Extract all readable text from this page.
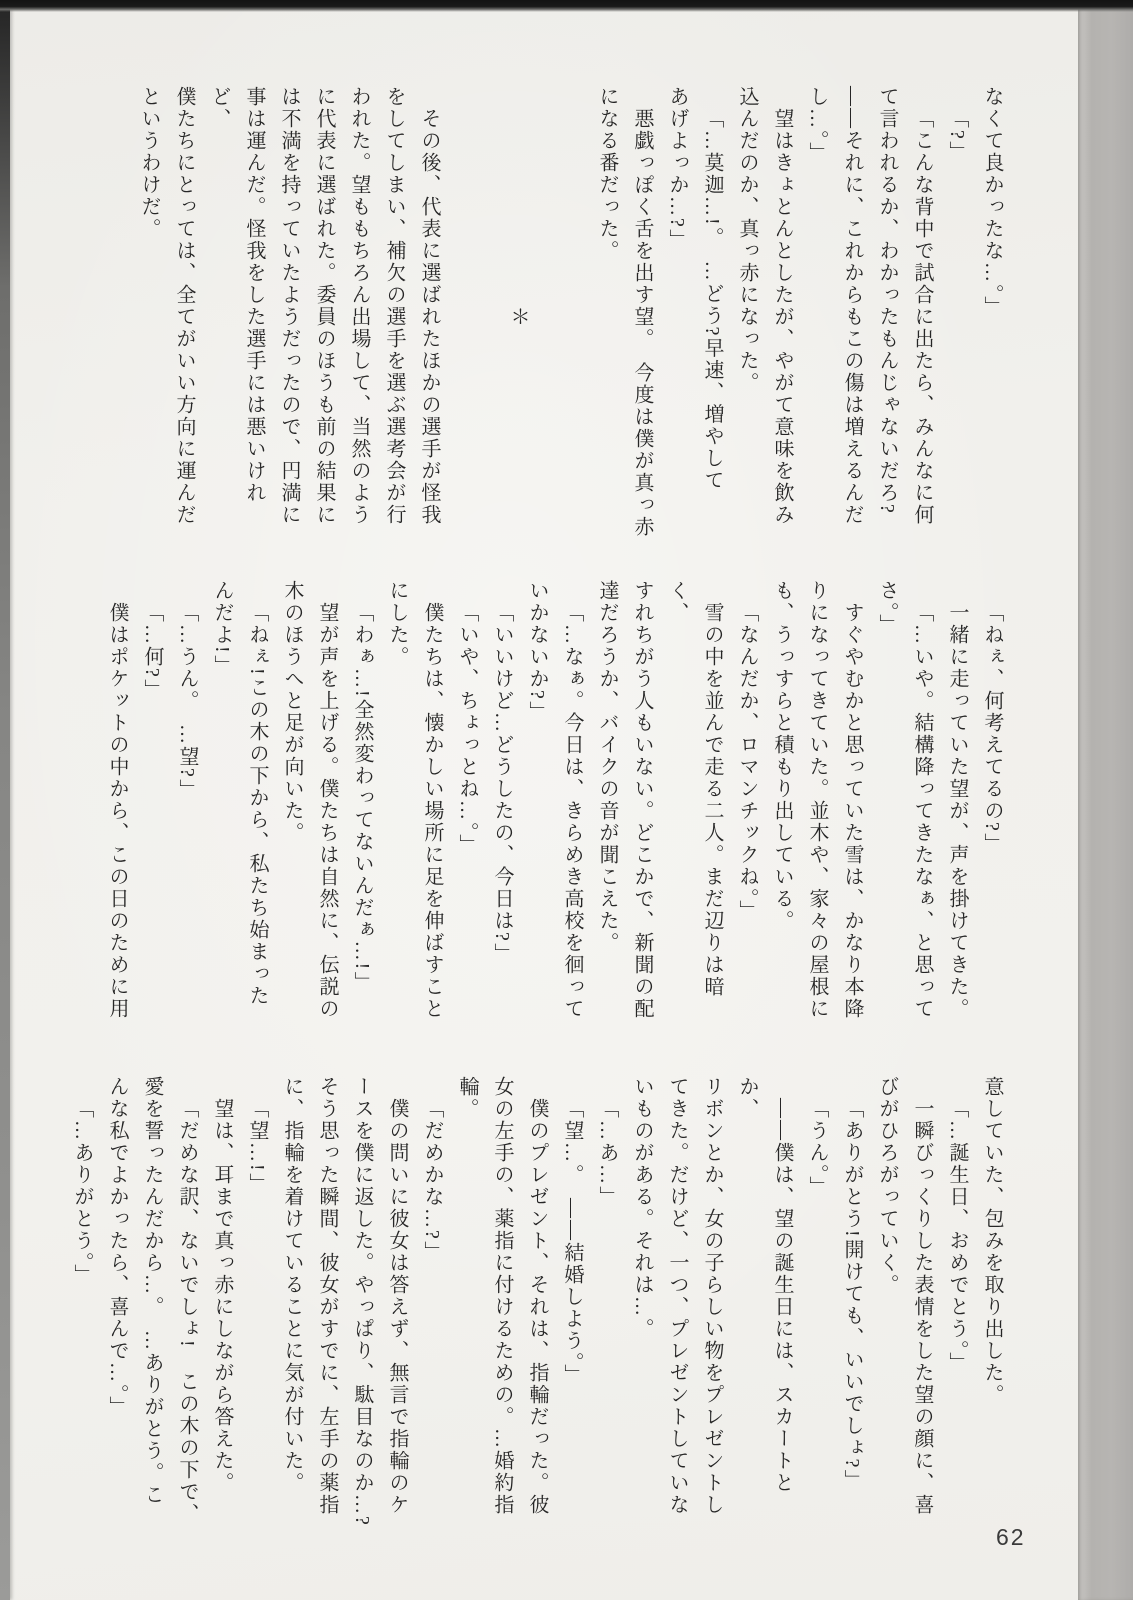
なくて良かったな…。」
「?」
「こんな背中で試合に出たら、みんなに何
て言われるか、わかったもんじゃないだろ?
――それに、これからもこの傷は増えるんだ
し…。」
望はきょとんとしたが、やがて意味を飲み
込んだのか、真っ赤になった。
「…莫迦…!。　…どう?早速、増やして
あげよっか…?」
悪戯っぽく舌を出す望。　今度は僕が真っ赤
になる番だった。
＊
その後、代表に選ばれたほかの選手が怪我
をしてしまい、補欠の選手を選ぶ選考会が行
われた。望ももちろん出場して、当然のよう
に代表に選ばれた。委員のほうも前の結果に
は不満を持っていたようだったので、円満に
事は運んだ。怪我をした選手には悪いけれど、
僕たちにとっては、全てがいい方向に運んだ
というわけだ。
「ねぇ、何考えてるの?」
一緒に走っていた望が、声を掛けてきた。
「…いや。結構降ってきたなぁ、と思って
さ。」
すぐやむかと思っていた雪は、かなり本降
りになってきていた。並木や、家々の屋根に
も、うっすらと積もり出している。
「なんだか、ロマンチックね。」
雪の中を並んで走る二人。まだ辺りは暗く、
すれちがう人もいない。どこかで、新聞の配
達だろうか、バイクの音が聞こえた。
「…なぁ。今日は、きらめき高校を徊って
いかないか?」
「いいけど…どうしたの、今日は?」
「いや、ちょっとね…。」
僕たちは、懐かしい場所に足を伸ばすこと
にした。
「わぁ…!全然変わってないんだぁ…!」
望が声を上げる。僕たちは自然に、伝説の
木のほうへと足が向いた。
「ねぇ!この木の下から、私たち始まった
んだよ!」
「…うん。　…望?」
「…何?」
僕はポケットの中から、この日のために用
意していた、包みを取り出した。
「…誕生日、おめでとう。」
一瞬びっくりした表情をした望の顔に、喜
びがひろがっていく。
「ありがとう!開けても、いいでしょ?」
「うん。」
――僕は、望の誕生日には、スカートとか、
リボンとか、女の子らしい物をプレゼントし
てきた。だけど、一つ、プレゼントしていな
いものがある。それは…。
「…あ…」
「望…。　――結婚しよう。」
僕のプレゼント、それは、指輪だった。彼
女の左手の、薬指に付けるための。…婚約指
輪。
「だめかな…?」
僕の問いに彼女は答えず、無言で指輪のケ
ースを僕に返した。やっぱり、駄目なのか…?
そう思った瞬間、彼女がすでに、左手の薬指
に、指輪を着けていることに気が付いた。
「望…!」
望は、耳まで真っ赤にしながら答えた。
「だめな訳、ないでしょ!　この木の下で、
愛を誓ったんだから…。　…ありがとう。こ
んな私でよかったら、喜んで…。」
「…ありがとう。」
62
